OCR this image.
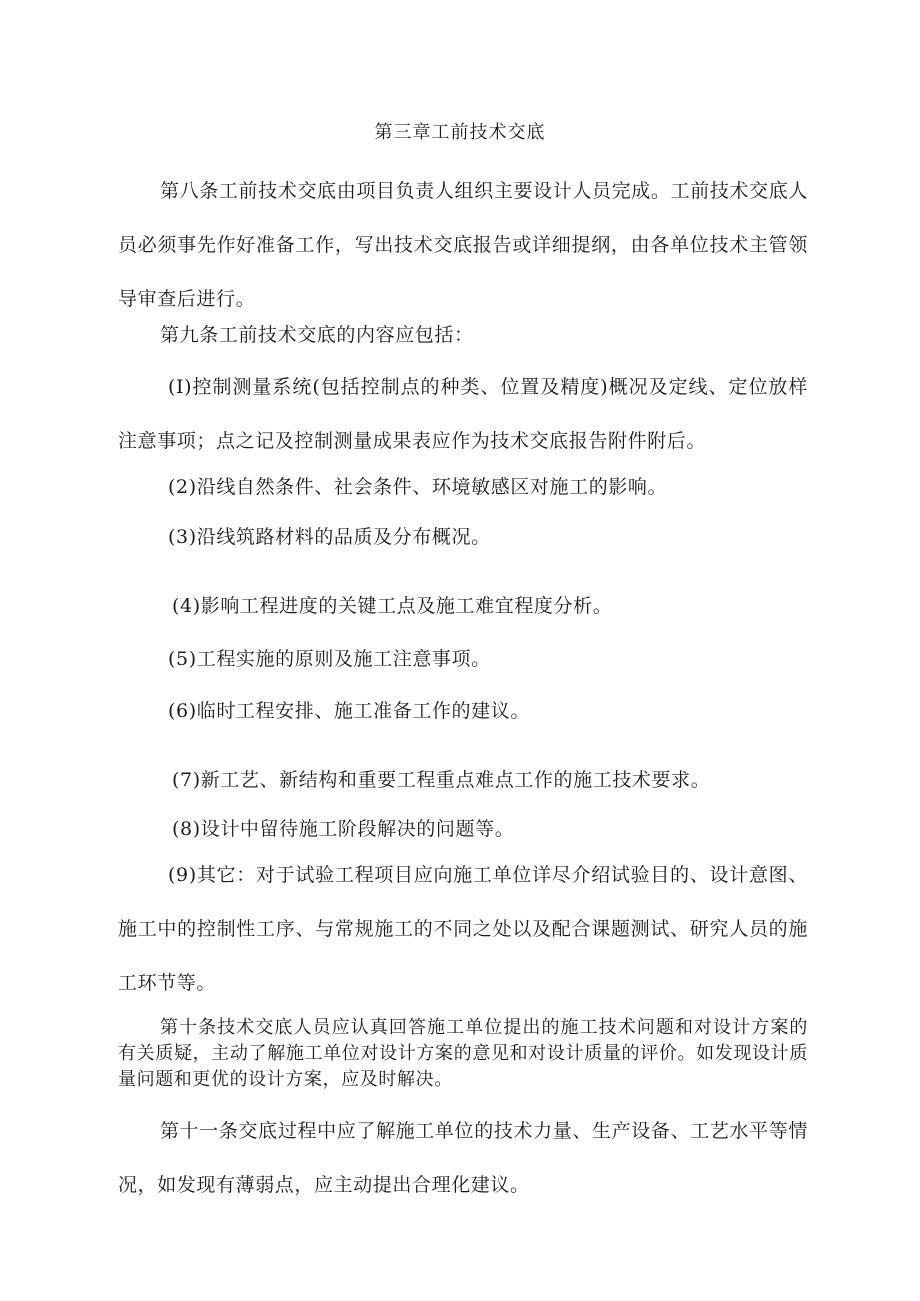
第三章工前技术交底
第八条工前技术交底由项目负责人组织主要设计人员完成。工前技术交底人员必须事先作好准备工作，写出技术交底报告或详细提纲，由各单位技术主管领导审查后进行。
第九条工前技术交底的内容应包括：
(I)控制测量系统(包括控制点的种类、位置及精度)概况及定线、定位放样注意事项；点之记及控制测量成果表应作为技术交底报告附件附后。
(2)沿线自然条件、社会条件、环境敏感区对施工的影响。
(3)沿线筑路材料的品质及分布概况。
(4)影响工程进度的关键工点及施工难宜程度分析。
(5)工程实施的原则及施工注意事项。
(6)临时工程安排、施工准备工作的建议。
(7)新工艺、新结构和重要工程重点难点工作的施工技术要求。
(8)设计中留待施工阶段解决的问题等。
(9)其它：对于试验工程项目应向施工单位详尽介绍试验目的、设计意图、施工中的控制性工序、与常规施工的不同之处以及配合课题测试、研究人员的施工环节等。
第十条技术交底人员应认真回答施工单位提出的施工技术问题和对设计方案的有关质疑，主动了解施工单位对设计方案的意见和对设计质量的评价。如发现设计质量问题和更优的设计方案，应及时解决。
第十一条交底过程中应了解施工单位的技术力量、生产设备、工艺水平等情况，如发现有薄弱点，应主动提出合理化建议。
